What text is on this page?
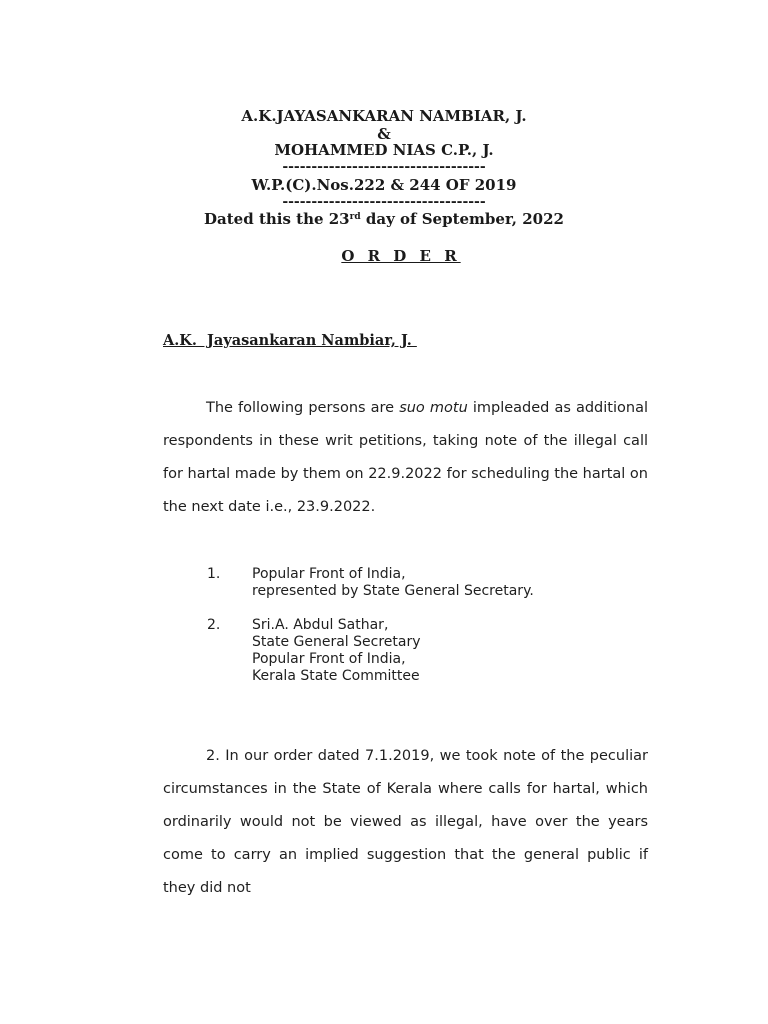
A.K.JAYASANKARAN NAMBIAR, J.
&
MOHAMMED NIAS C.P., J.
-----------------------------------
W.P.(C).Nos.222 & 244 OF 2019
-----------------------------------
Dated this the 23rd day of September, 2022
O R D E R
A.K.  Jayasankaran Nambiar, J.
The following persons are suo motu impleaded as additional respondents in these writ petitions, taking note of the illegal call for hartal made by them on 22.9.2022 for scheduling the hartal on the next date i.e., 23.9.2022.
1.	Popular Front of India,
represented by State General Secretary.
2.	Sri.A. Abdul Sathar,
State General Secretary
Popular Front of India,
Kerala State Committee
2. In our order dated 7.1.2019, we took note of the peculiar circumstances in the State of Kerala where calls for hartal, which ordinarily would not be viewed as illegal, have over the years come to carry an implied suggestion that the general public if they did not
